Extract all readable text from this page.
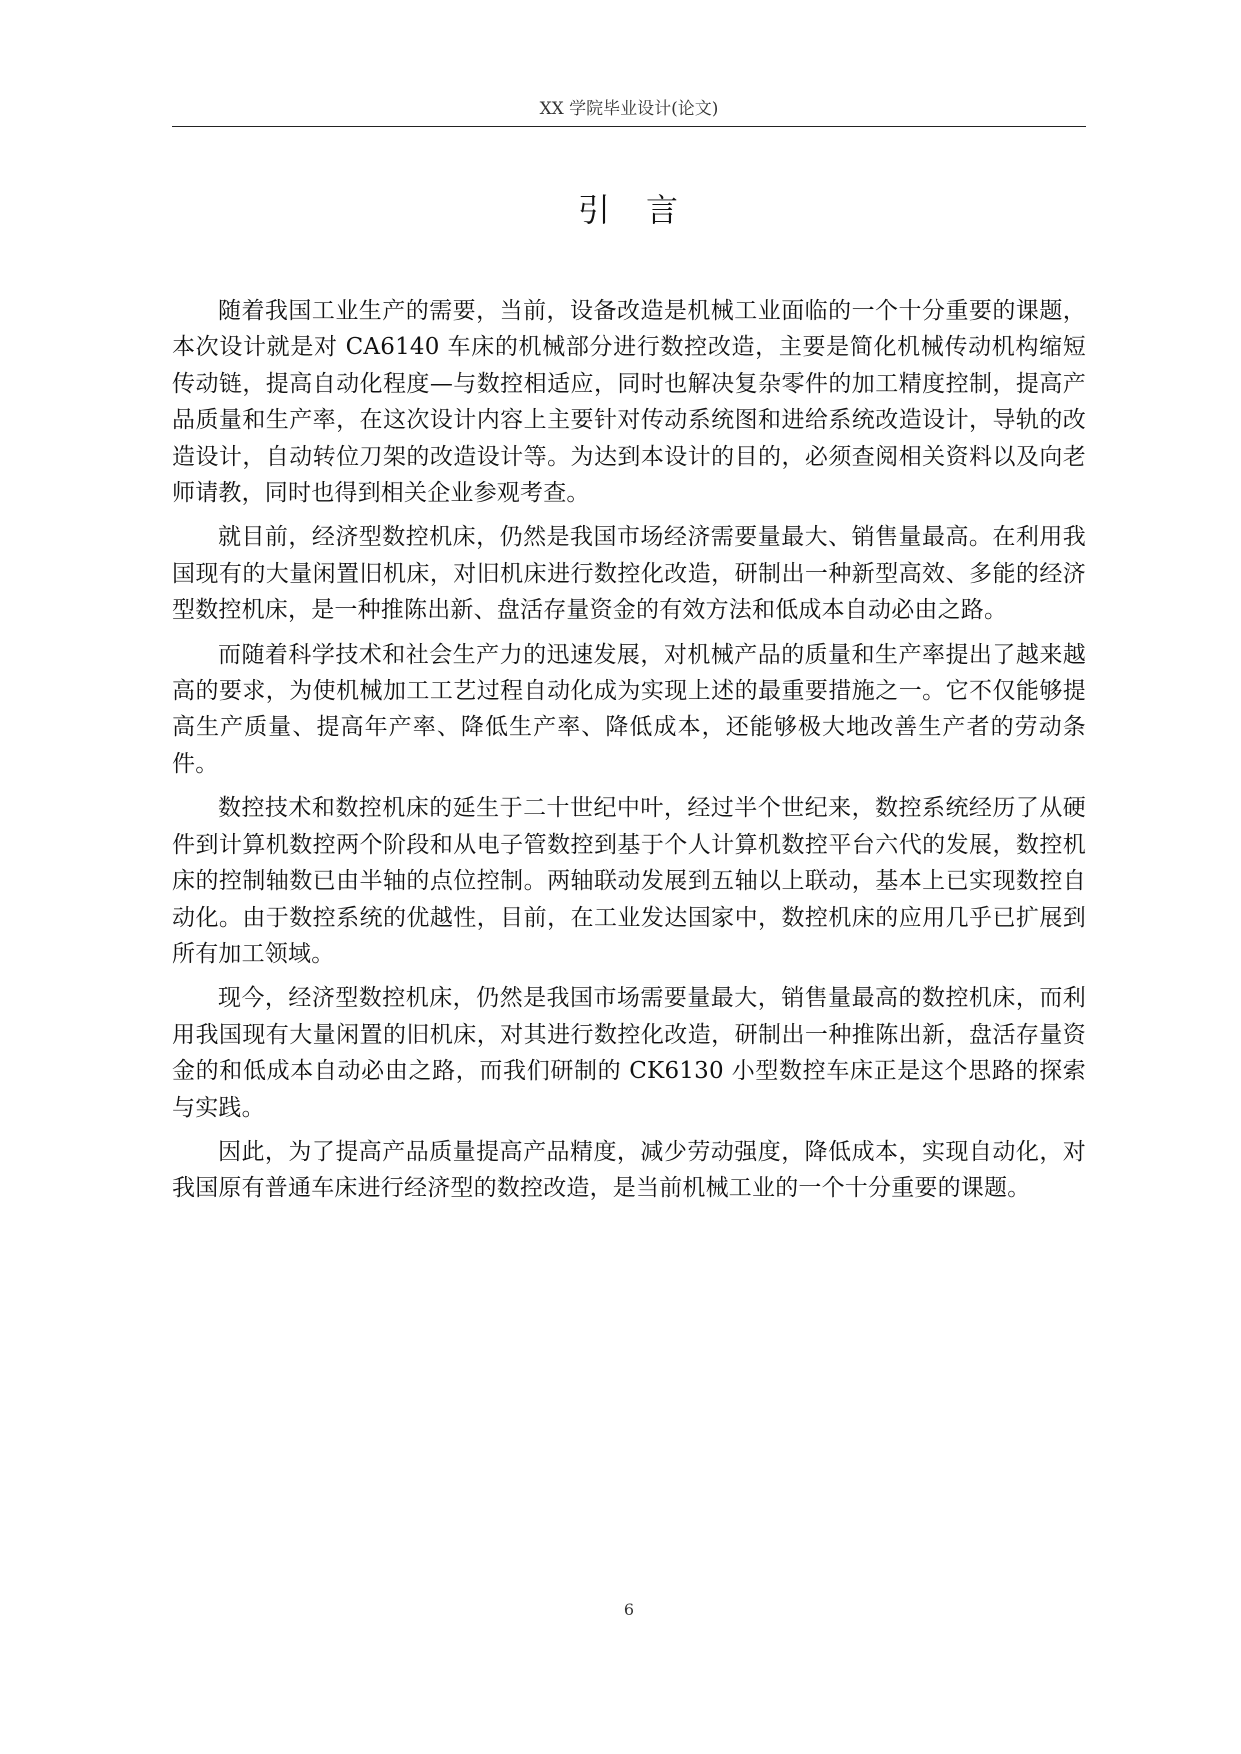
XX 学院毕业设计(论文)
引　言

随着我国工业生产的需要，当前，设备改造是机械工业面临的一个十分重要的课题，本次设计就是对 CA6140 车床的机械部分进行数控改造，主要是简化机械传动机构缩短传动链，提高自动化程度—与数控相适应，同时也解决复杂零件的加工精度控制，提高产品质量和生产率，在这次设计内容上主要针对传动系统图和进给系统改造设计，导轨的改造设计，自动转位刀架的改造设计等。为达到本设计的目的，必须查阅相关资料以及向老师请教，同时也得到相关企业参观考查。

就目前，经济型数控机床，仍然是我国市场经济需要量最大、销售量最高。在利用我国现有的大量闲置旧机床，对旧机床进行数控化改造，研制出一种新型高效、多能的经济型数控机床，是一种推陈出新、盘活存量资金的有效方法和低成本自动必由之路。

而随着科学技术和社会生产力的迅速发展，对机械产品的质量和生产率提出了越来越高的要求，为使机械加工工艺过程自动化成为实现上述的最重要措施之一。它不仅能够提高生产质量、提高年产率、降低生产率、降低成本，还能够极大地改善生产者的劳动条件。

数控技术和数控机床的延生于二十世纪中叶，经过半个世纪来，数控系统经历了从硬件到计算机数控两个阶段和从电子管数控到基于个人计算机数控平台六代的发展，数控机床的控制轴数已由半轴的点位控制。两轴联动发展到五轴以上联动，基本上已实现数控自动化。由于数控系统的优越性，目前，在工业发达国家中，数控机床的应用几乎已扩展到所有加工领域。

现今，经济型数控机床，仍然是我国市场需要量最大，销售量最高的数控机床，而利用我国现有大量闲置的旧机床，对其进行数控化改造，研制出一种推陈出新，盘活存量资金的和低成本自动必由之路，而我们研制的 CK6130 小型数控车床正是这个思路的探索与实践。

因此，为了提高产品质量提高产品精度，减少劳动强度，降低成本，实现自动化，对我国原有普通车床进行经济型的数控改造，是当前机械工业的一个十分重要的课题。

6
